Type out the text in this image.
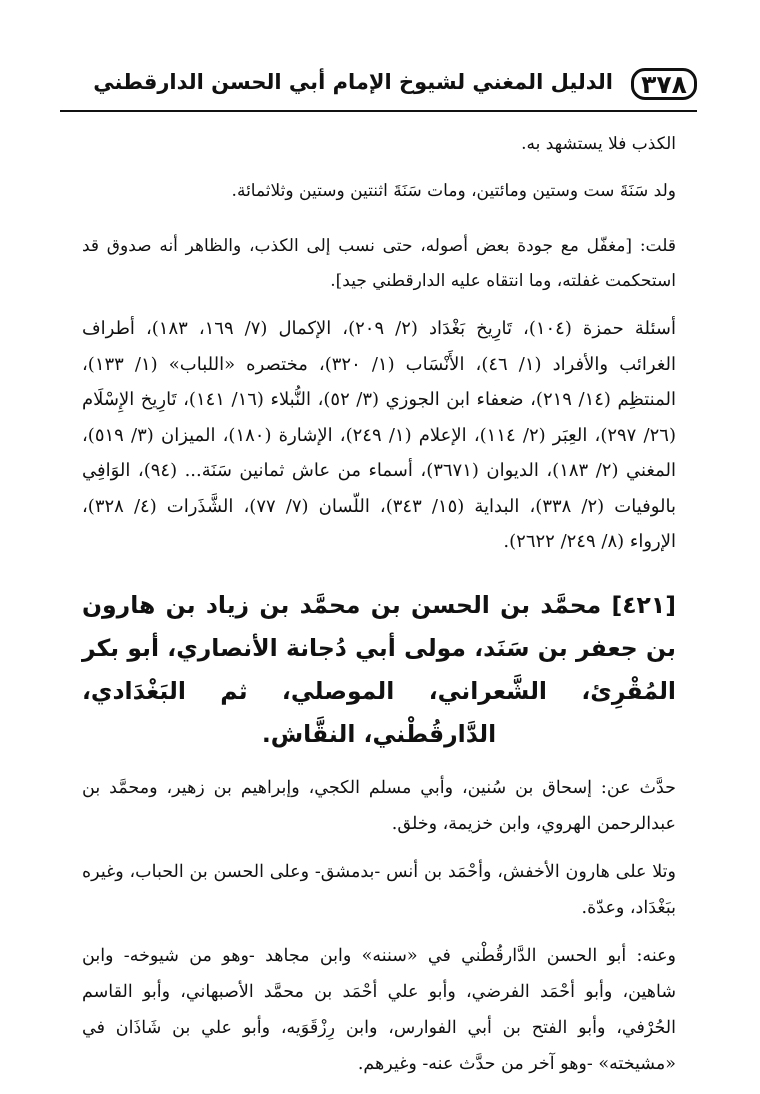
٣٧٨
الدليل المغني لشيوخ الإمام أبي الحسن الدارقطني

الكذب فلا يستشهد به.

ولد سَنَةَ ست وستين ومائتين، ومات سَنَةَ اثنتين وستين وثلاثمائة.

قلت: [مغفّل مع جودة بعض أصوله، حتى نسب إلى الكذب، والظاهر أنه صدوق قد استحكمت غفلته، وما انتقاه عليه الدارقطني جيد].

أسئلة حمزة (١٠٤)، تَارِيخ بَغْدَاد (٢/ ٢٠٩)، الإكمال (٧/ ١٦٩، ١٨٣)، أطراف الغرائب والأفراد (١/ ٤٦)، الأَنْسَاب (١/ ٣٢٠)، مختصره «اللباب» (١/ ١٣٣)، المنتظِم (١٤/ ٢١٩)، ضعفاء ابن الجوزي (٣/ ٥٢)، النُّبلاء (١٦/ ١٤١)، تَارِيخ الإِسْلَام (٢٦/ ٢٩٧)، العِبَر (٢/ ١١٤)، الإعلام (١/ ٢٤٩)، الإشارة (١٨٠)، الميزان (٣/ ٥١٩)، المغني (٢/ ١٨٣)، الديوان (٣٦٧١)، أسماء من عاش ثمانين سَنَة... (٩٤)، الوَافِي بالوفيات (٢/ ٣٣٨)، البداية (١٥/ ٣٤٣)، اللّسان (٧/ ٧٧)، الشَّذَرات (٤/ ٣٢٨)، الإرواء (٨/ ٢٤٩/ ٢٦٢٢).

[٤٢١] محمَّد بن الحسن بن محمَّد بن زياد بن هارون بن جعفر بن سَنَد، مولى أبي دُجانة الأنصاري، أبو بكر المُقْرِئ، الشَّعراني، الموصلي، ثم البَغْدَادي، الدَّارقُطْني، النقَّاش.

حدَّث عن: إسحاق بن سُنين، وأبي مسلم الكجي، وإبراهيم بن زهير، ومحمَّد بن عبدالرحمن الهروي، وابن خزيمة، وخلق.

وتلا على هارون الأخفش، وأحْمَد بن أنس -بدمشق- وعلى الحسن بن الحباب، وغيره ببَغْدَاد، وعدّة.

وعنه: أبو الحسن الدَّارقُطْني في «سننه» وابن مجاهد -وهو من شيوخه- وابن شاهين، وأبو أحْمَد الفرضي، وأبو علي أحْمَد بن محمَّد الأصبهاني، وأبو القاسم الحُرْفي، وأبو الفتح بن أبي الفوارس، وابن رِزْقَوَيه، وأبو علي بن شَاذَان في «مشيخته» -وهو آخر من حدَّث عنه- وغيرهم.
